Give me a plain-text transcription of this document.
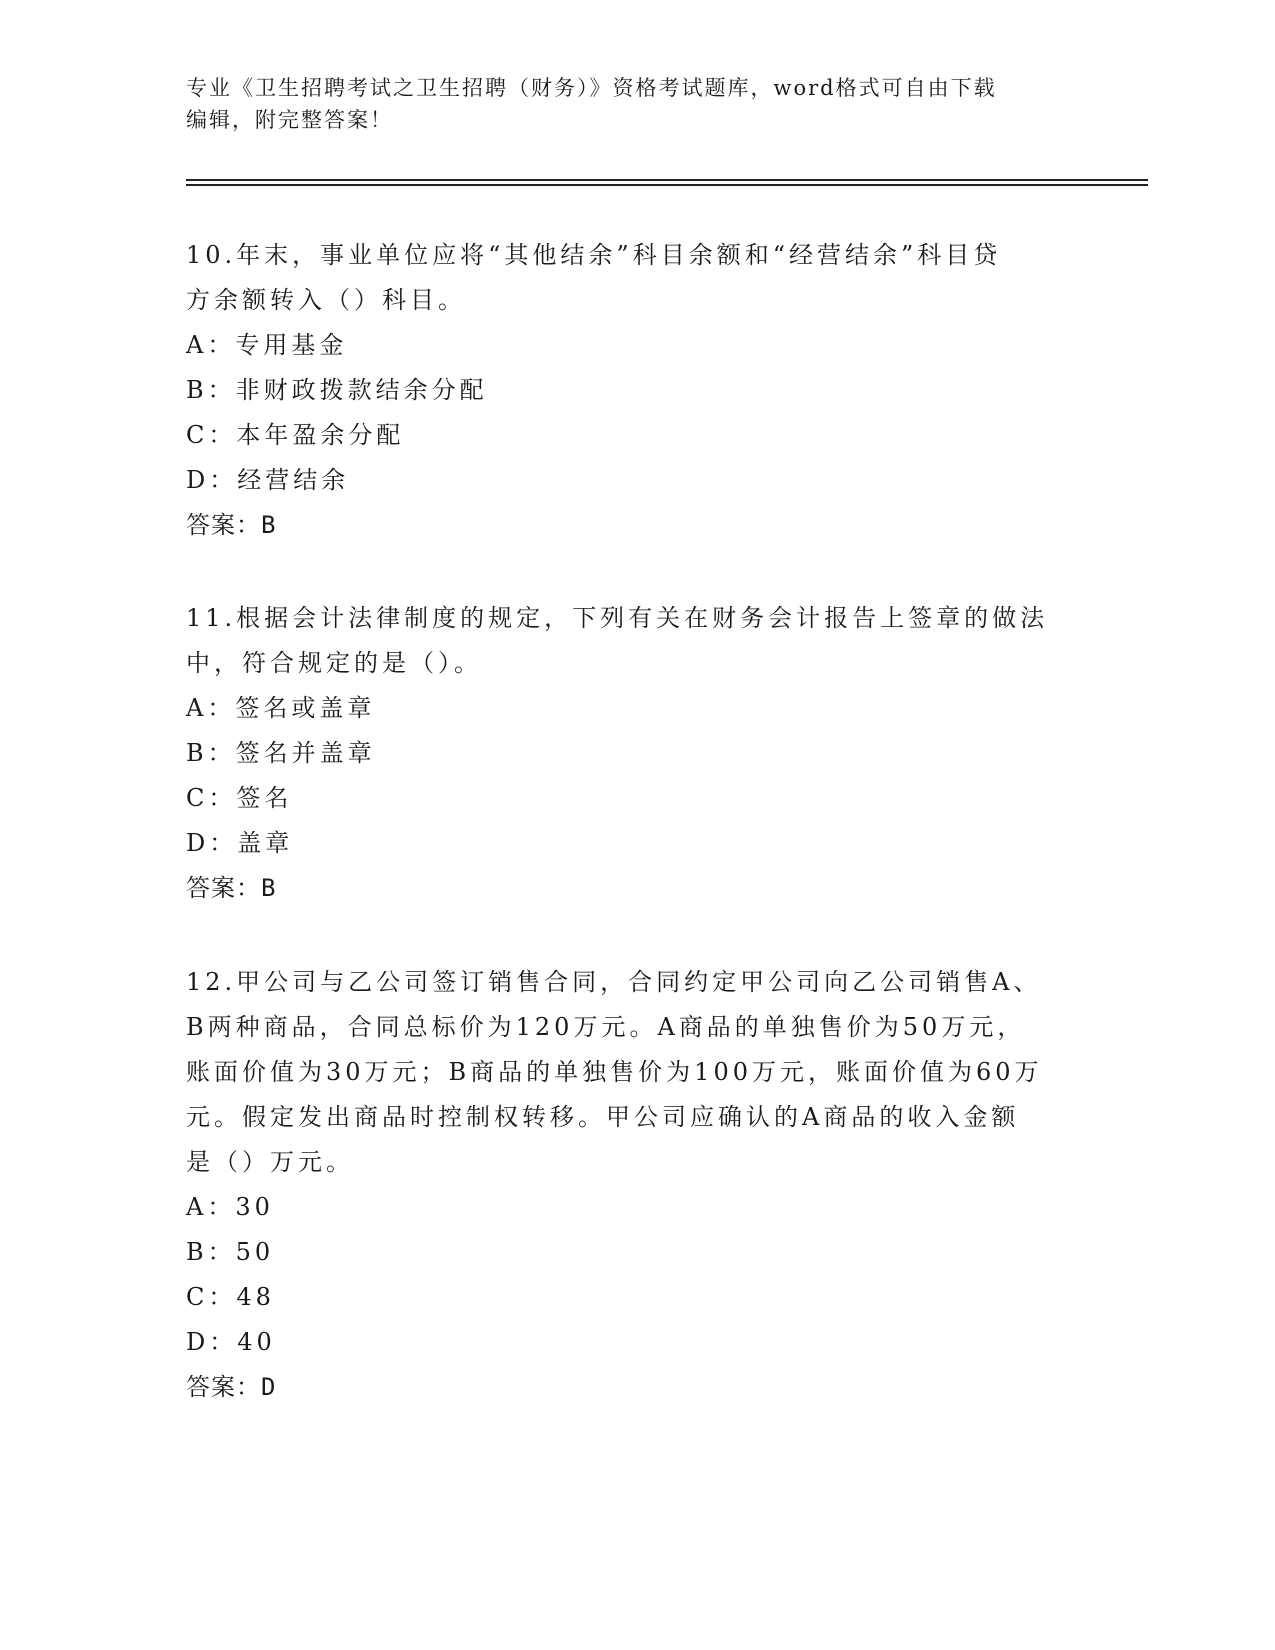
专业《卫生招聘考试之卫生招聘（财务）》资格考试题库，word格式可自由下载
编辑，附完整答案！
10.年末，事业单位应将“其他结余”科目余额和“经营结余”科目贷
方余额转入（）科目。
A：专用基金
B：非财政拨款结余分配
C：本年盈余分配
D：经营结余
答案：B
11.根据会计法律制度的规定，下列有关在财务会计报告上签章的做法
中，符合规定的是（）。
A：签名或盖章
B：签名并盖章
C：签名
D：盖章
答案：B
12.甲公司与乙公司签订销售合同，合同约定甲公司向乙公司销售A、
B两种商品，合同总标价为120万元。A商品的单独售价为50万元，
账面价值为30万元；B商品的单独售价为100万元，账面价值为60万
元。假定发出商品时控制权转移。甲公司应确认的A商品的收入金额
是（）万元。
A：30
B：50
C：48
D：40
答案：D
